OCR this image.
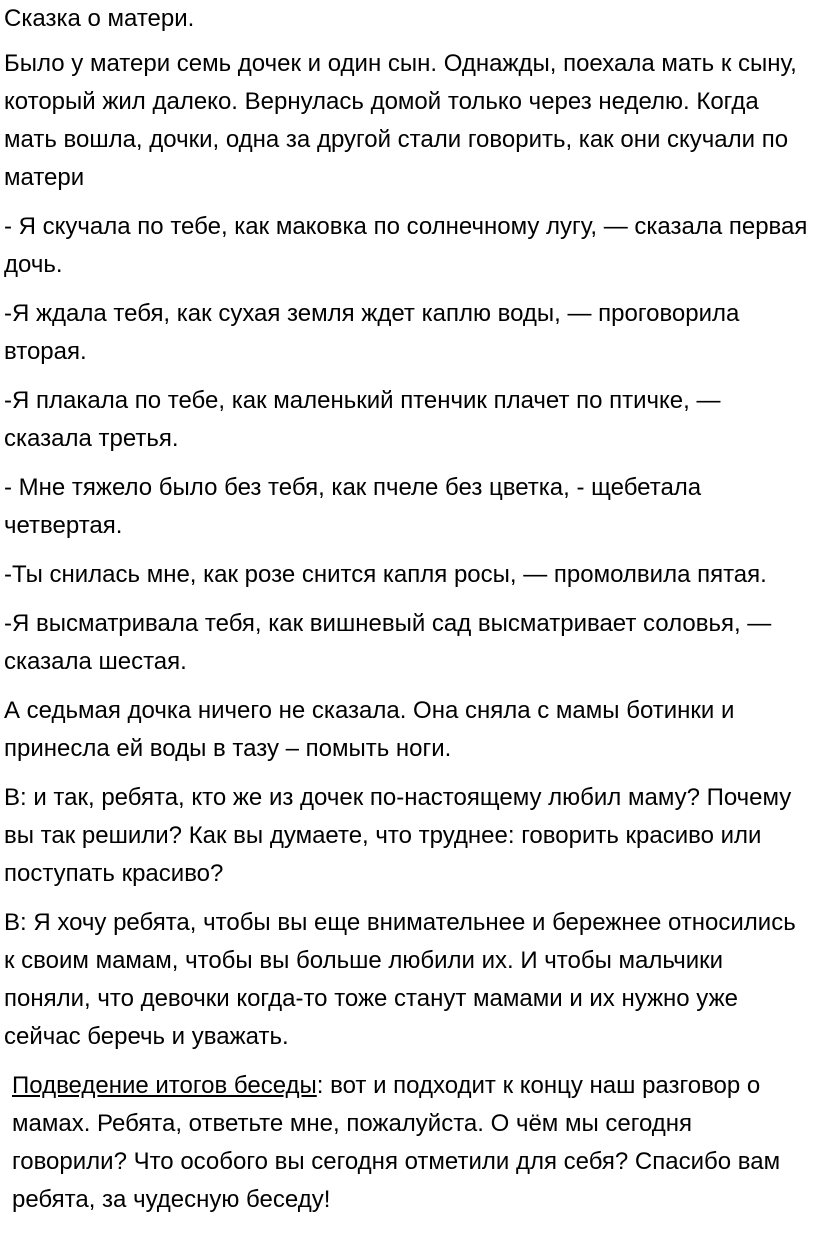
Сказка о матери.

Было у матери семь дочек и один сын. Однажды, поехала мать к сыну, который жил далеко. Вернулась домой только через неделю. Когда мать вошла, дочки, одна за другой стали говорить, как они скучали по матери

- Я скучала по тебе, как маковка по солнечному лугу, — сказала первая дочь.

-Я ждала тебя, как сухая земля ждет каплю воды, — проговорила вторая.

-Я плакала по тебе, как маленький птенчик плачет по птичке, — сказала третья.

- Мне тяжело было без тебя, как пчеле без цветка, - щебетала четвертая.

-Ты снилась мне, как розе снится капля росы, — промолвила пятая.

-Я высматривала тебя, как вишневый сад высматривает соловья, — сказала шестая.

А седьмая дочка ничего не сказала. Она сняла с мамы ботинки и принесла ей воды в тазу – помыть ноги.

В: и так, ребята, кто же из дочек по-настоящему любил маму? Почему вы так решили? Как вы думаете, что труднее: говорить красиво или поступать красиво?

В: Я хочу ребята, чтобы вы еще внимательнее и бережнее относились к своим мамам, чтобы вы больше любили их. И чтобы мальчики поняли, что девочки когда-то тоже станут мамами и их нужно уже сейчас беречь и уважать.

Подведение итогов беседы: вот и подходит к концу наш разговор о мамах. Ребята, ответьте мне, пожалуйста. О чём мы сегодня говорили? Что особого вы сегодня отметили для себя? Спасибо вам ребята, за чудесную беседу!
